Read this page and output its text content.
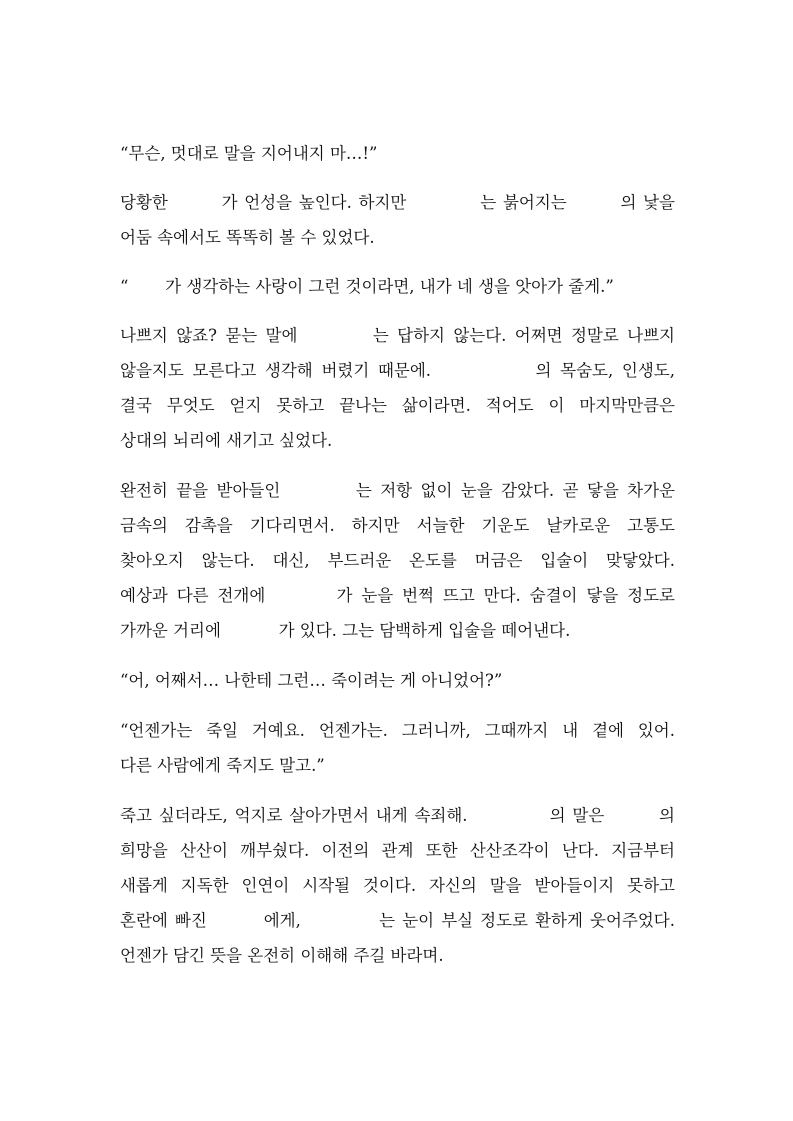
“무슨, 멋대로 말을 지어내지 마…!”
당황한        가 언성을 높인다. 하지만           는 붉어지는        의 낯을
어둠 속에서도 똑똑히 볼 수 있었다.
“       가 생각하는 사랑이 그런 것이라면, 내가 네 생을 앗아가 줄게.”
나쁘지 않죠? 묻는 말에         는 답하지 않는다. 어쩌면 정말로 나쁘지
않을지도 모른다고 생각해 버렸기 때문에.            의 목숨도, 인생도,
결국 무엇도 얻지 못하고 끝나는 삶이라면. 적어도 이 마지막만큼은
상대의 뇌리에 새기고 싶었다.
완전히 끝을 받아들인         는 저항 없이 눈을 감았다. 곧 닿을 차가운
금속의 감촉을 기다리면서. 하지만 서늘한 기운도 날카로운 고통도
찾아오지 않는다. 대신, 부드러운 온도를 머금은 입술이 맞닿았다.
예상과 다른 전개에        가 눈을 번쩍 뜨고 만다. 숨결이 닿을 정도로
가까운 거리에           가 있다. 그는 담백하게 입술을 떼어낸다.
“어, 어째서… 나한테 그런… 죽이려는 게 아니었어?”
“언젠가는 죽일 거예요. 언젠가는. 그러니까, 그때까지 내 곁에 있어.
다른 사람에게 죽지도 말고.”
죽고 싶더라도, 억지로 살아가면서 내게 속죄해.            의 말은        의
희망을 산산이 깨부쉈다. 이전의 관계 또한 산산조각이 난다. 지금부터
새롭게 지독한 인연이 시작될 것이다. 자신의 말을 받아들이지 못하고
혼란에 빠진        에게,           는 눈이 부실 정도로 환하게 웃어주었다.
언젠가 담긴 뜻을 온전히 이해해 주길 바라며.
